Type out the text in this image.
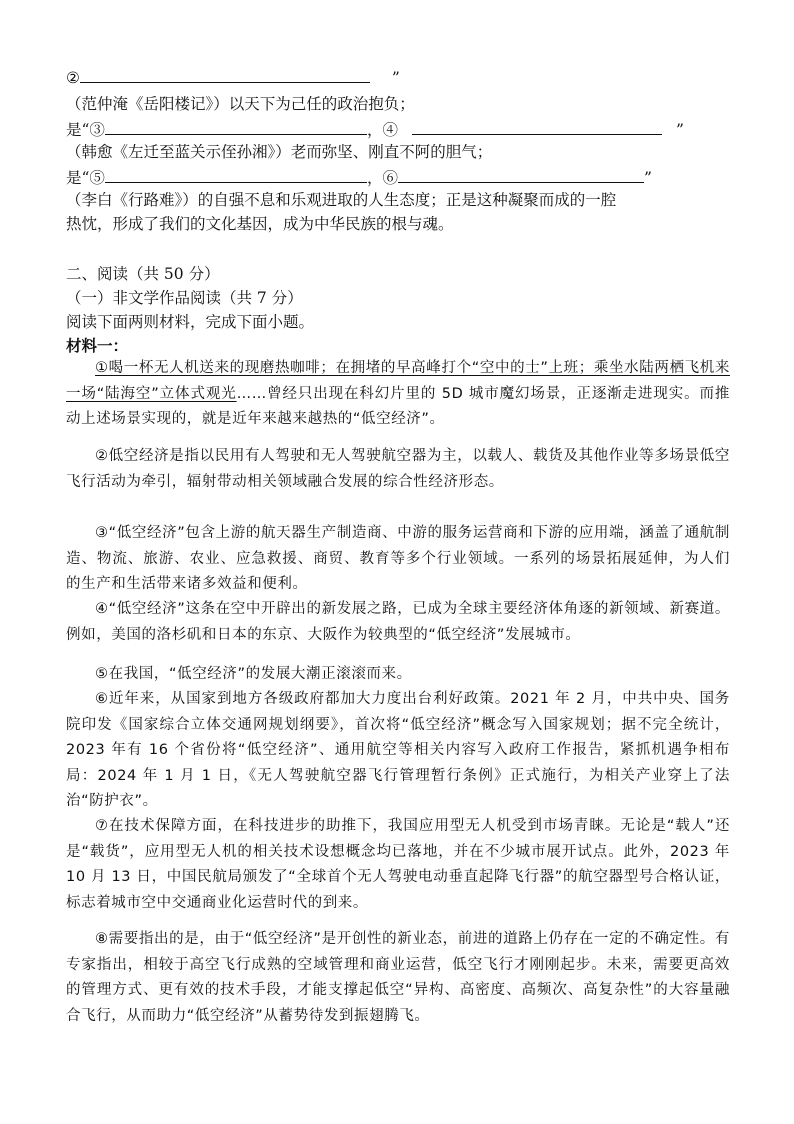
②	”
（范仲淹《岳阳楼记》）以天下为己任的政治抱负；
是“③	，④	”
（韩愈《左迁至蓝关示侄孙湘》）老而弥坚、刚直不阿的胆气；
是“⑤	，⑥	”
（李白《行路难》）的自强不息和乐观进取的人生态度；正是这种凝聚而成的一腔
热忱，形成了我们的文化基因，成为中华民族的根与魂。
二、阅读（共 50 分）
（一）非文学作品阅读（共 7 分）
阅读下面两则材料，完成下面小题。
材料一：
①喝一杯无人机送来的现磨热咖啡；在拥堵的早高峰打个“空中的士”上班；乘坐水陆两栖飞机来一场“陆海空”立体式观光……曾经只出现在科幻片里的 5D 城市魔幻场景，正逐渐走进现实。而推动上述场景实现的，就是近年来越来越热的“低空经济”。
②低空经济是指以民用有人驾驶和无人驾驶航空器为主，以载人、载货及其他作业等多场景低空飞行活动为牵引，辐射带动相关领域融合发展的综合性经济形态。
③“低空经济”包含上游的航天器生产制造商、中游的服务运营商和下游的应用端，涵盖了通航制造、物流、旅游、农业、应急救援、商贸、教育等多个行业领域。一系列的场景拓展延伸，为人们的生产和生活带来诸多效益和便利。
④“低空经济”这条在空中开辟出的新发展之路，已成为全球主要经济体角逐的新领域、新赛道。例如，美国的洛杉矶和日本的东京、大阪作为较典型的“低空经济”发展城市。
⑤在我国，“低空经济”的发展大潮正滚滚而来。
⑥近年来，从国家到地方各级政府都加大力度出台利好政策。2021 年 2 月，中共中央、国务院印发《国家综合立体交通网规划纲要》，首次将“低空经济”概念写入国家规划；据不完全统计，2023 年有 16 个省份将“低空经济”、通用航空等相关内容写入政府工作报告，紧抓机遇争相布局：2024 年 1 月 1 日，《无人驾驶航空器飞行管理暂行条例》正式施行，为相关产业穿上了法治“防护衣”。
⑦在技术保障方面，在科技进步的助推下，我国应用型无人机受到市场青睐。无论是“载人”还是“载货”，应用型无人机的相关技术设想概念均已落地，并在不少城市展开试点。此外，2023 年 10 月 13 日，中国民航局颁发了“全球首个无人驾驶电动垂直起降飞行器”的航空器型号合格认证，标志着城市空中交通商业化运营时代的到来。
⑧需要指出的是，由于“低空经济”是开创性的新业态，前进的道路上仍存在一定的不确定性。有专家指出，相较于高空飞行成熟的空域管理和商业运营，低空飞行才刚刚起步。未来，需要更高效的管理方式、更有效的技术手段，才能支撑起低空“异构、高密度、高频次、高复杂性”的大容量融合飞行，从而助力“低空经济”从蓄势待发到振翅腾飞。
